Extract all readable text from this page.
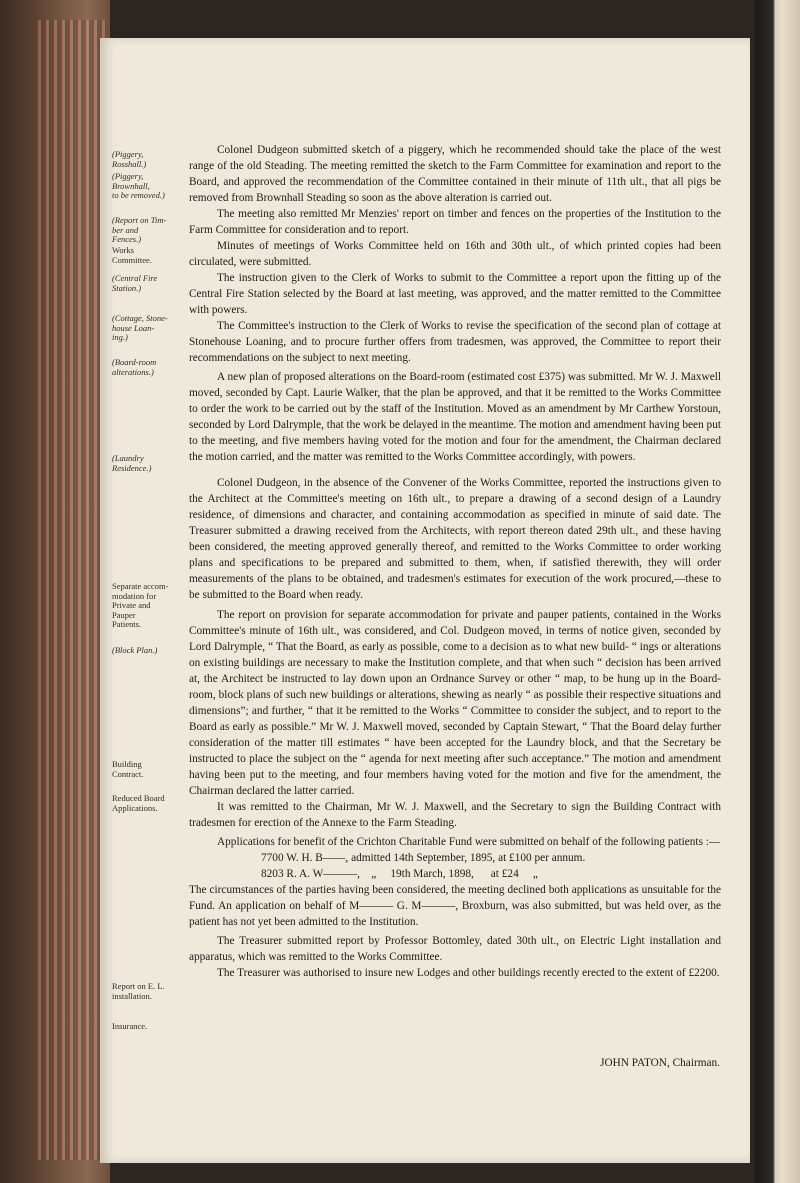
(Piggery,
Rosshall.)
(Piggery,
Brownhall,
to be removed.)
(Report on Tim-
ber and
Fences.)
Works
Committee.
(Central Fire
Station.)
(Cottage, Stone-
house Loan-
ing.)
(Board-room
alterations.)
(Laundry
Residence.)
Separate accom-
modation for
Private and
Pauper
Patients.
(Block Plan.)
Building
Contract.
Reduced Board
Applications.
Report on E. L.
installation.
Insurance.

Colonel Dudgeon submitted sketch of a piggery, which he recommended should take the place of the west range of the old Steading. The meeting remitted the sketch to the Farm Committee for examination and report to the Board, and approved the recommendation of the Committee contained in their minute of 11th ult., that all pigs be removed from Brownhall Steading so soon as the above alteration is carried out.

The meeting also remitted Mr Menzies' report on timber and fences on the properties of the Institution to the Farm Committee for consideration and to report.

Minutes of meetings of Works Committee held on 16th and 30th ult., of which printed copies had been circulated, were submitted.

The instruction given to the Clerk of Works to submit to the Committee a report upon the fitting up of the Central Fire Station selected by the Board at last meeting, was approved, and the matter remitted to the Committee with powers.

The Committee's instruction to the Clerk of Works to revise the specification of the second plan of cottage at Stonehouse Loaning, and to procure further offers from tradesmen, was approved, the Committee to report their recommendations on the subject to next meeting.

A new plan of proposed alterations on the Board-room (estimated cost £375) was submitted. Mr W. J. Maxwell moved, seconded by Capt. Laurie Walker, that the plan be approved, and that it be remitted to the Works Committee to order the work to be carried out by the staff of the Institution. Moved as an amendment by Mr Carthew Yorstoun, seconded by Lord Dalrymple, that the work be delayed in the meantime. The motion and amendment having been put to the meeting, and five members having voted for the motion and four for the amendment, the Chairman declared the motion carried, and the matter was remitted to the Works Committee accordingly, with powers.

Colonel Dudgeon, in the absence of the Convener of the Works Committee, reported the instructions given to the Architect at the Committee's meeting on 16th ult., to prepare a drawing of a second design of a Laundry residence, of dimensions and character, and containing accommodation as specified in minute of said date. The Treasurer submitted a drawing received from the Architects, with report thereon dated 29th ult., and these having been considered, the meeting approved generally thereof, and remitted to the Works Committee to order working plans and specifications to be prepared and submitted to them, when, if satisfied therewith, they will order measurements of the plans to be obtained, and tradesmen's estimates for execution of the work procured,—these to be submitted to the Board when ready.

The report on provision for separate accommodation for private and pauper patients, contained in the Works Committee's minute of 16th ult., was considered, and Col. Dudgeon moved, in terms of notice given, seconded by Lord Dalrymple, “ That the Board, as early as possible, come to a decision as to what new build- “ ings or alterations on existing buildings are necessary to make the Institution complete, and that when such “ decision has been arrived at, the Architect be instructed to lay down upon an Ordnance Survey or other “ map, to be hung up in the Board-room, block plans of such new buildings or alterations, shewing as nearly “ as possible their respective situations and dimensions”; and further, “ that it be remitted to the Works “ Committee to consider the subject, and to report to the Board as early as possible.” Mr W. J. Maxwell moved, seconded by Captain Stewart, “ That the Board delay further consideration of the matter till estimates “ have been accepted for the Laundry block, and that the Secretary be instructed to place the subject on the “ agenda for next meeting after such acceptance.” The motion and amendment having been put to the meeting, and four members having voted for the motion and five for the amendment, the Chairman declared the latter carried.

It was remitted to the Chairman, Mr W. J. Maxwell, and the Secretary to sign the Building Contract with tradesmen for erection of the Annexe to the Farm Steading.

Applications for benefit of the Crichton Charitable Fund were submitted on behalf of the following patients :—

7700 W. H. B——, admitted 14th September, 1895, at £100 per annum.
8203 R. A. W———,    „     19th March, 1898,      at £24     „

The circumstances of the parties having been considered, the meeting declined both applications as unsuitable for the Fund. An application on behalf of M——— G. M———, Broxburn, was also submitted, but was held over, as the patient has not yet been admitted to the Institution.

The Treasurer submitted report by Professor Bottomley, dated 30th ult., on Electric Light installation and apparatus, which was remitted to the Works Committee.

The Treasurer was authorised to insure new Lodges and other buildings recently erected to the extent of £2200.

JOHN PATON, Chairman.
